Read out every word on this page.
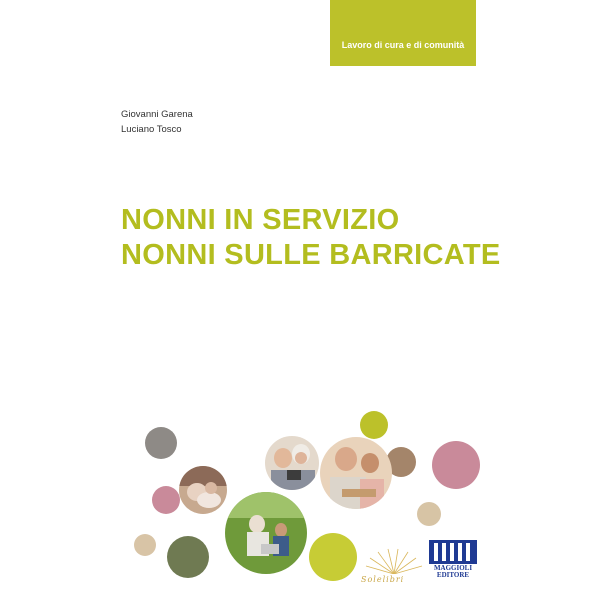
Lavoro di cura e di comunità
Giovanni Garena
Luciano Tosco
NONNI IN SERVIZIO
NONNI SULLE BARRICATE
Solelibri
MAGGIOLI
EDITORE
